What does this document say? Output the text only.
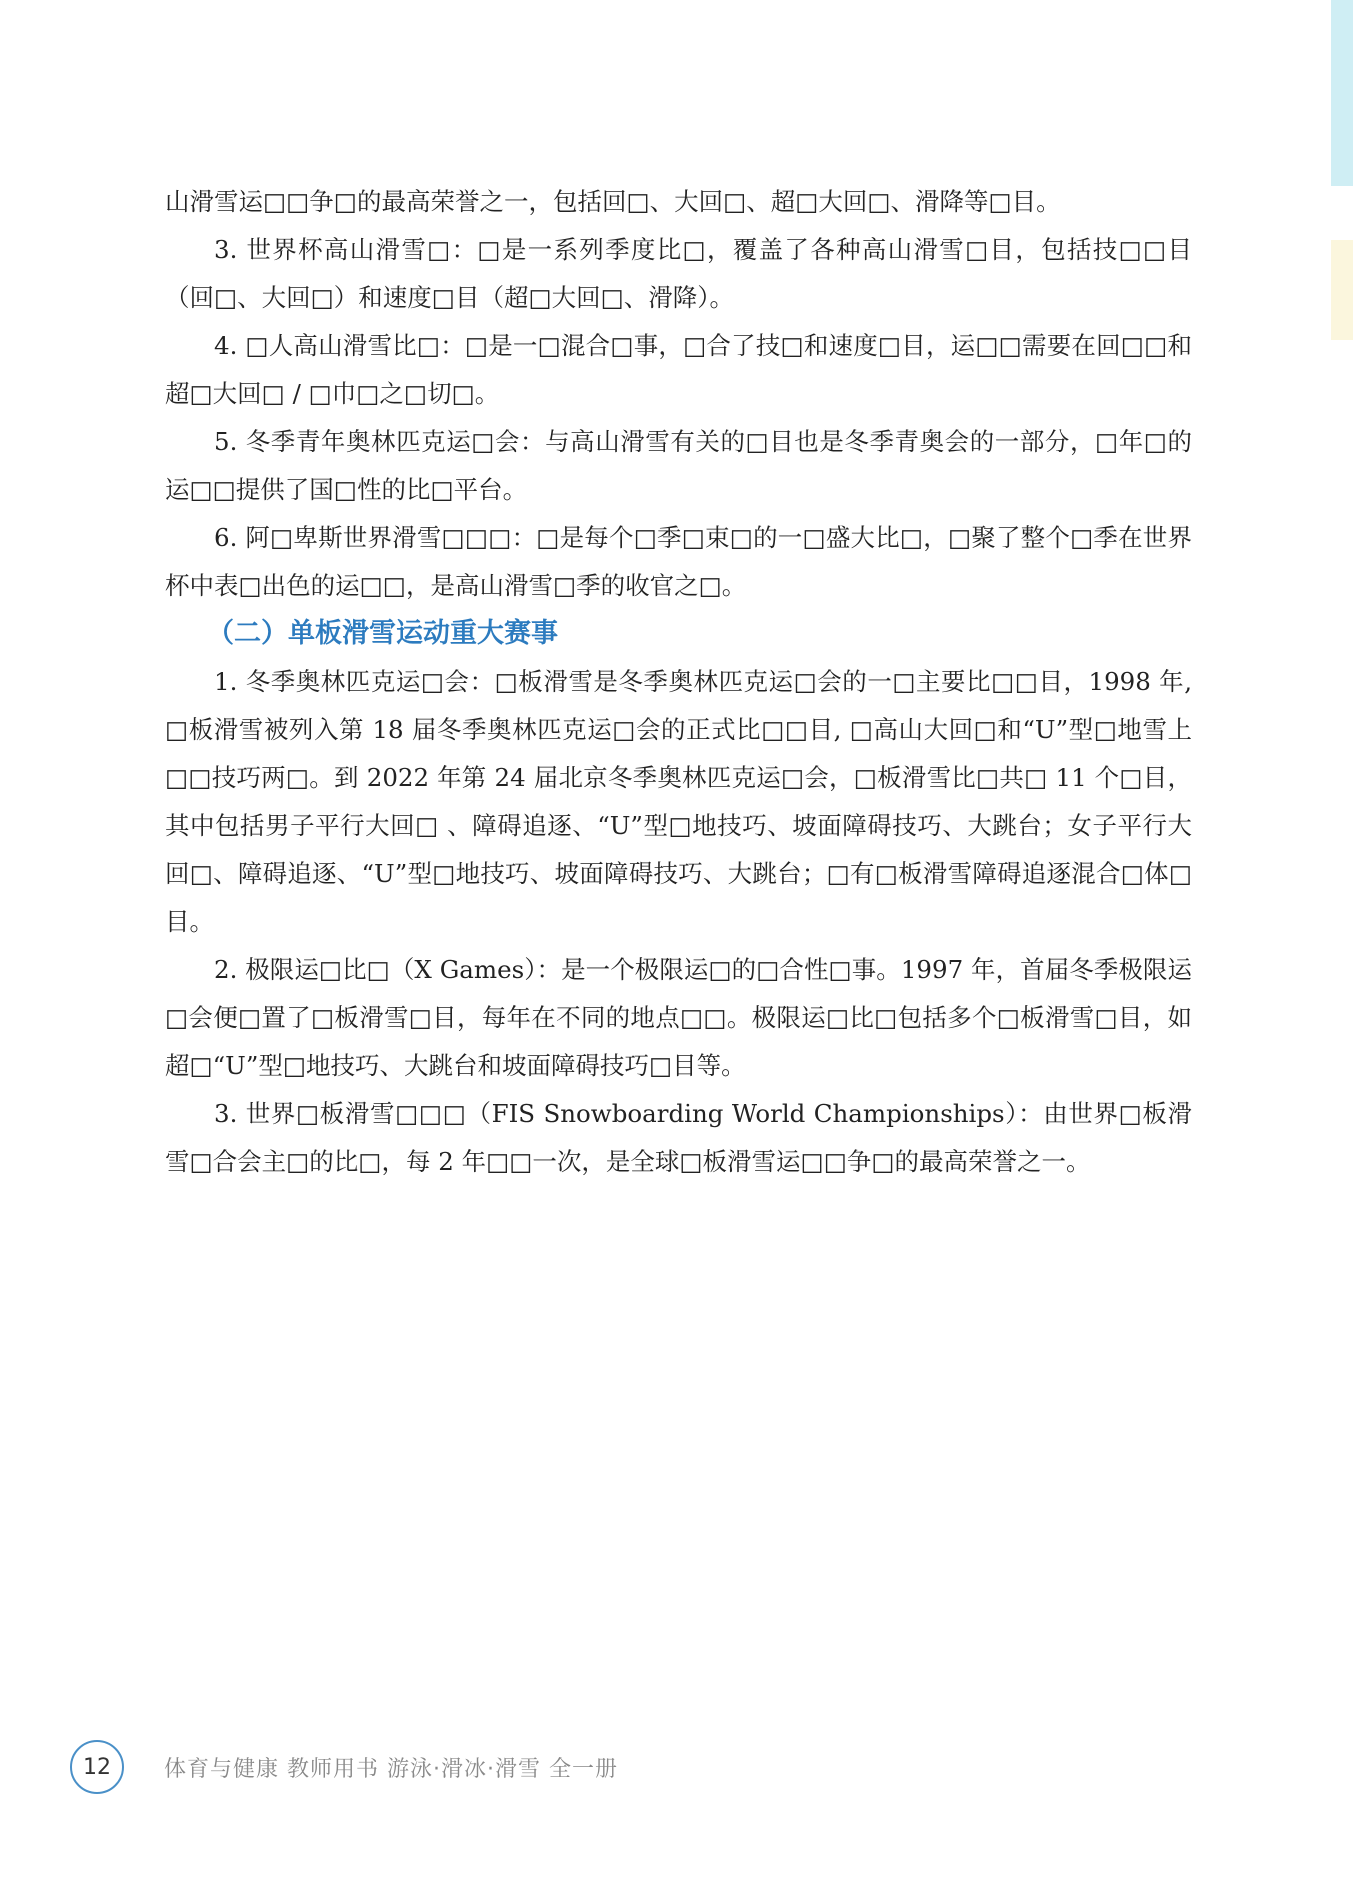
山滑雪运□□争□的最高荣誉之一，包括回□、大回□、超□大回□、滑降等□目。

3. 世界杯高山滑雪□：□是一系列季度比□，覆盖了各种高山滑雪□目，包括技□□目（回□、大回□）和速度□目（超□大回□、滑降）。

4. □人高山滑雪比□：□是一□混合□事，□合了技□和速度□目，运□□需要在回□□和超□大回□ / □巾□之□切□。

5. 冬季青年奥林匹克运□会：与高山滑雪有关的□目也是冬季青奥会的一部分，□年□的运□□提供了国□性的比□平台。

6. 阿□卑斯世界滑雪□□□：□是每个□季□束□的一□盛大比□，□聚了整个□季在世界杯中表□出色的运□□，是高山滑雪□季的收官之□。

（二）单板滑雪运动重大赛事

1. 冬季奥林匹克运□会：□板滑雪是冬季奥林匹克运□会的一□主要比□□目，1998 年, □板滑雪被列入第 18 届冬季奥林匹克运□会的正式比□□目, □高山大回□和“U”型□地雪上□□技巧两□。到 2022 年第 24 届北京冬季奥林匹克运□会，□板滑雪比□共□ 11 个□目，其中包括男子平行大回□ 、障碍追逐、“U”型□地技巧、坡面障碍技巧、大跳台；女子平行大回□、障碍追逐、“U”型□地技巧、坡面障碍技巧、大跳台；□有□板滑雪障碍追逐混合□体□目。

2. 极限运□比□（X Games）：是一个极限运□的□合性□事。1997 年，首届冬季极限运□会便□置了□板滑雪□目，每年在不同的地点□□。极限运□比□包括多个□板滑雪□目，如超□“U”型□地技巧、大跳台和坡面障碍技巧□目等。

3. 世界□板滑雪□□□（FIS Snowboarding World Championships）：由世界□板滑雪□合会主□的比□，每 2 年□□一次，是全球□板滑雪运□□争□的最高荣誉之一。

12	体育与健康 教师用书 游泳·滑冰·滑雪 全一册
